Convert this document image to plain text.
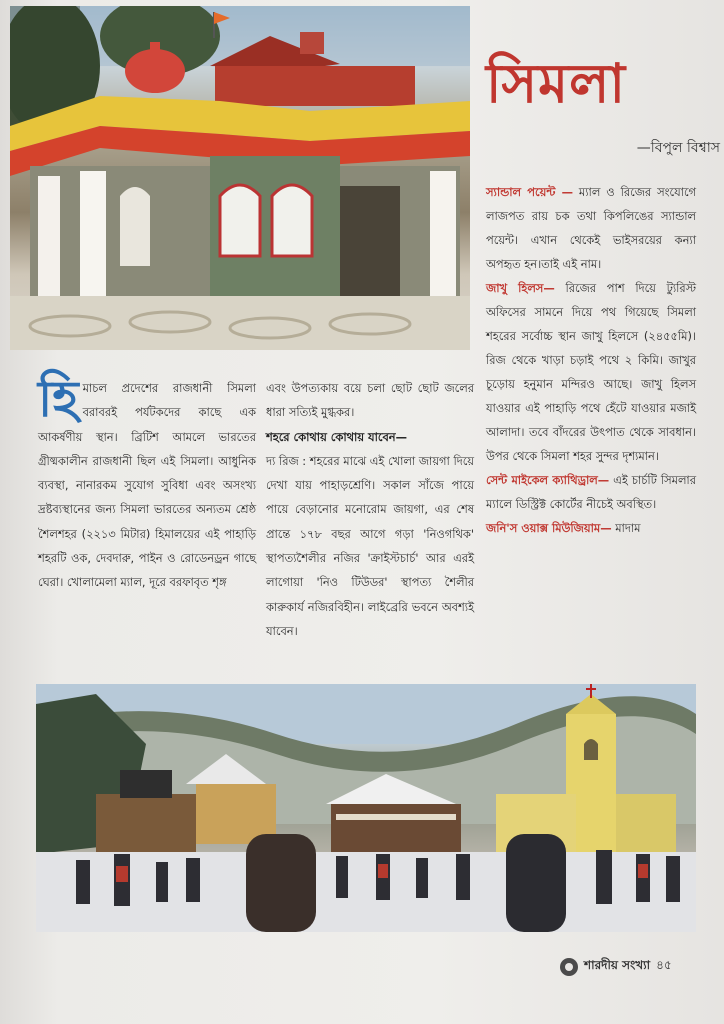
সিমলা
—বিপুল বিশ্বাস

স্যান্ডাল পয়েন্ট — ম্যাল ও রিজের সংযোগে লাজপত রায় চক তথা কিপলিঙের স্যান্ডাল পয়েন্ট। এখান থেকেই ভাইসরয়ের কন্যা অপহৃত হন।তাই এই নাম।

জাখু হিলস— রিজের পাশ দিয়ে ট্যুরিস্ট অফিসের সামনে দিয়ে পথ গিয়েছে সিমলা শহরের সর্বোচ্চ স্থান জাখু হিলসে (২৪৫৫মি)। রিজ থেকে খাড়া চড়াই পথে ২ কিমি। জাখুর চূড়োয় হনুমান মন্দিরও আছে। জাখু হিলস যাওয়ার এই পাহাড়ি পথে হেঁটে যাওয়ার মজাই আলাদা। তবে বাঁদরের উৎপাত থেকে সাবধান। উপর থেকে সিমলা শহর সুন্দর দৃশ্যমান।

সেন্ট মাইকেল ক্যাথিড্রাল— এই চার্চটি সিমলার ম্যালে ডিস্ট্রিক্ট কোর্টের নীচেই অবস্থিত।

জনি'স ওয়াক্স মিউজিয়াম— মাদাম

হিমাচল প্রদেশের রাজধানী সিমলা বরাবরই পর্যটকদের কাছে এক আকর্ষণীয় স্থান। ব্রিটিশ আমলে ভারতের গ্রীষ্মকালীন রাজধানী ছিল এই সিমলা। আধুনিক ব্যবস্থা, নানারকম সুযোগ সুবিধা এবং অসংখ্য দ্রষ্টব্যস্থানের জন্য সিমলা ভারতের অন্যতম শ্রেষ্ঠ শৈলশহর (২২১৩ মিটার) হিমালয়ের এই পাহাড়ি শহরটি ওক, দেবদারু, পাইন ও রোডেনড্রন গাছে ঘেরা। খোলামেলা ম্যাল, দূরে বরফাবৃত শৃঙ্গ

এবং উপত্যকায় বয়ে চলা ছোট ছোট জলের ধারা সত্যিই মুগ্ধকর।

শহরে কোথায় কোথায় যাবেন—

দ্য রিজ : শহরের মাঝে এই খোলা জায়গা দিয়ে দেখা যায় পাহাড়শ্রেণি। সকাল সাঁজে পায়ে পায়ে বেড়ানোর মনোরোম জায়গা, এর শেষ প্রান্তে ১৭৮ বছর আগে গড়া 'নিওগথিক' স্থাপত্যশৈলীর নজির 'ক্রাইস্টচার্চ' আর এরই লাগোয়া 'নিও টিউডর' স্থাপত্য শৈলীর কারুকার্য নজিরবিহীন। লাইব্রেরি ভবনে অবশ্যই যাবেন।

শারদীয় সংখ্যা ৪৫
